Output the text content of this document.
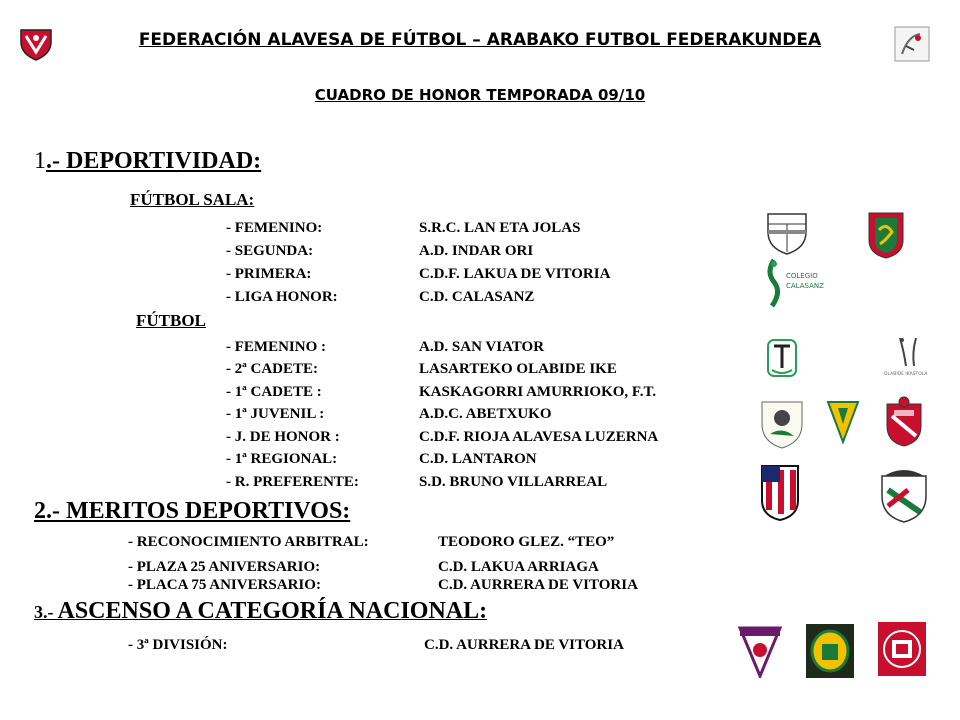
FEDERACIÓN ALAVESA DE FÚTBOL – ARABAKO FUTBOL FEDERAKUNDEA
CUADRO DE HONOR TEMPORADA 09/10
1.- DEPORTIVIDAD:
FÚTBOL SALA:
- FEMENINO:	S.R.C. LAN ETA JOLAS
- SEGUNDA:	A.D. INDAR ORI
- PRIMERA:	C.D.F. LAKUA DE VITORIA
- LIGA HONOR:	C.D. CALASANZ
FÚTBOL
- FEMENINO :	A.D. SAN VIATOR
- 2ª CADETE:	LASARTEKO OLABIDE IKE
- 1ª CADETE :	KASKAGORRI AMURRIOKO, F.T.
- 1ª JUVENIL :	A.D.C. ABETXUKO
- J. DE HONOR :	C.D.F. RIOJA ALAVESA LUZERNA
- 1ª REGIONAL:	C.D. LANTARON
- R. PREFERENTE:	S.D. BRUNO VILLARREAL
2.- MERITOS DEPORTIVOS:
- RECONOCIMIENTO ARBITRAL:	TEODORO GLEZ. “TEO”
- PLAZA 25 ANIVERSARIO:	C.D. LAKUA ARRIAGA
- PLACA 75 ANIVERSARIO:	C.D. AURRERA DE VITORIA
3.- ASCENSO A CATEGORÍA NACIONAL:
- 3ª DIVISIÓN:	C.D. AURRERA DE VITORIA
COLEGIO
CALASANZ
OLABIDE IKASTOLA
